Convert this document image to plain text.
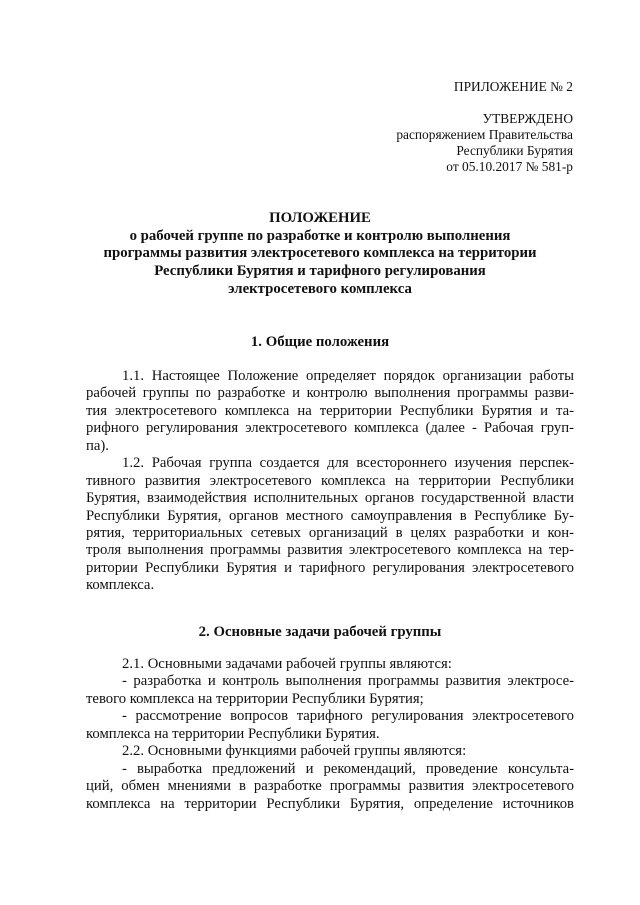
ПРИЛОЖЕНИЕ № 2
УТВЕРЖДЕНО
распоряжением Правительства
Республики Бурятия
от 05.10.2017 № 581-р
ПОЛОЖЕНИЕ
о рабочей группе по разработке и контролю выполнения
программы развития электросетевого комплекса на территории
Республики Бурятия и тарифного регулирования
электросетевого комплекса
1. Общие положения
1.1. Настоящее Положение определяет порядок организации работы
рабочей группы по разработке и контролю выполнения программы разви-
тия электросетевого комплекса на территории Республики Бурятия и та-
рифного регулирования электросетевого комплекса (далее - Рабочая груп-
па).
1.2. Рабочая группа создается для всестороннего изучения перспек-
тивного развития электросетевого комплекса на территории Республики
Бурятия, взаимодействия исполнительных органов государственной власти
Республики Бурятия, органов местного самоуправления в Республике Бу-
рятия, территориальных сетевых организаций в целях разработки и кон-
троля выполнения программы развития электросетевого комплекса на тер-
ритории Республики Бурятия и тарифного регулирования электросетевого
комплекса.
2. Основные задачи рабочей группы
2.1. Основными задачами рабочей группы являются:
- разработка и контроль выполнения программы развития электросе-
тевого комплекса на территории Республики Бурятия;
- рассмотрение вопросов тарифного регулирования электросетевого
комплекса на территории Республики Бурятия.
2.2. Основными функциями рабочей группы являются:
- выработка предложений и рекомендаций, проведение консульта-
ций, обмен мнениями в разработке программы развития электросетевого
комплекса на территории Республики Бурятия, определение источников
